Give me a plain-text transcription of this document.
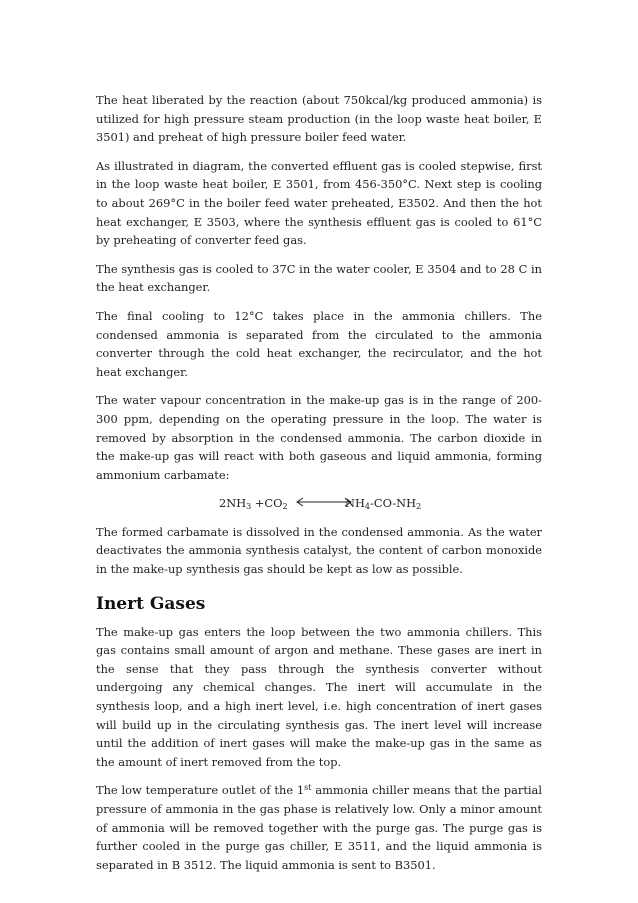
The heat liberated by the reaction (about 750kcal/kg produced ammonia) is utilized for high pressure steam production (in the loop waste heat boiler, E 3501) and preheat of high pressure boiler feed water.

As illustrated in diagram, the converted effluent gas is cooled stepwise, first in the loop waste heat boiler, E 3501, from 456-350°C. Next step is cooling to about 269°C in the boiler feed water preheated, E3502. And then the hot heat exchanger, E 3503, where the synthesis effluent gas is cooled to 61°C by preheating of converter feed gas.

The synthesis gas is cooled to 37C in the water cooler, E 3504 and to 28 C in the heat exchanger.

The final cooling to 12°C takes place in the ammonia chillers. The condensed ammonia is separated from the circulated to the ammonia converter through the cold heat exchanger, the recirculator, and the hot heat exchanger.

The water vapour concentration in the make-up gas is in the range of 200-300 ppm, depending on the operating pressure in the loop. The water is removed by absorption in the condensed ammonia. The carbon dioxide in the make-up gas will react with both gaseous and liquid ammonia, forming ammonium carbamate:

$2NH_3 +CO_2$	$NH_4-CO-NH_2$

The formed carbamate is dissolved in the condensed ammonia. As the water deactivates the ammonia synthesis catalyst, the content of carbon monoxide in the make-up synthesis gas should be kept as low as possible.

Inert Gases

The make-up gas enters the loop between the two ammonia chillers. This gas contains small amount of argon and methane. These gases are inert in the sense that they pass through the synthesis converter without undergoing any chemical changes. The inert will accumulate in the synthesis loop, and a high inert level, i.e. high concentration of inert gases will build up in the circulating synthesis gas. The inert level will increase until the addition of inert gases will make the make-up gas in the same as the amount of inert removed from the top.

The low temperature outlet of the 1st ammonia chiller means that the partial pressure of ammonia in the gas phase is relatively low. Only a minor amount of ammonia will be removed together with the purge gas. The purge gas is further cooled in the purge gas chiller, E 3511, and the liquid ammonia is separated in B 3512. The liquid ammonia is sent to B3501.
